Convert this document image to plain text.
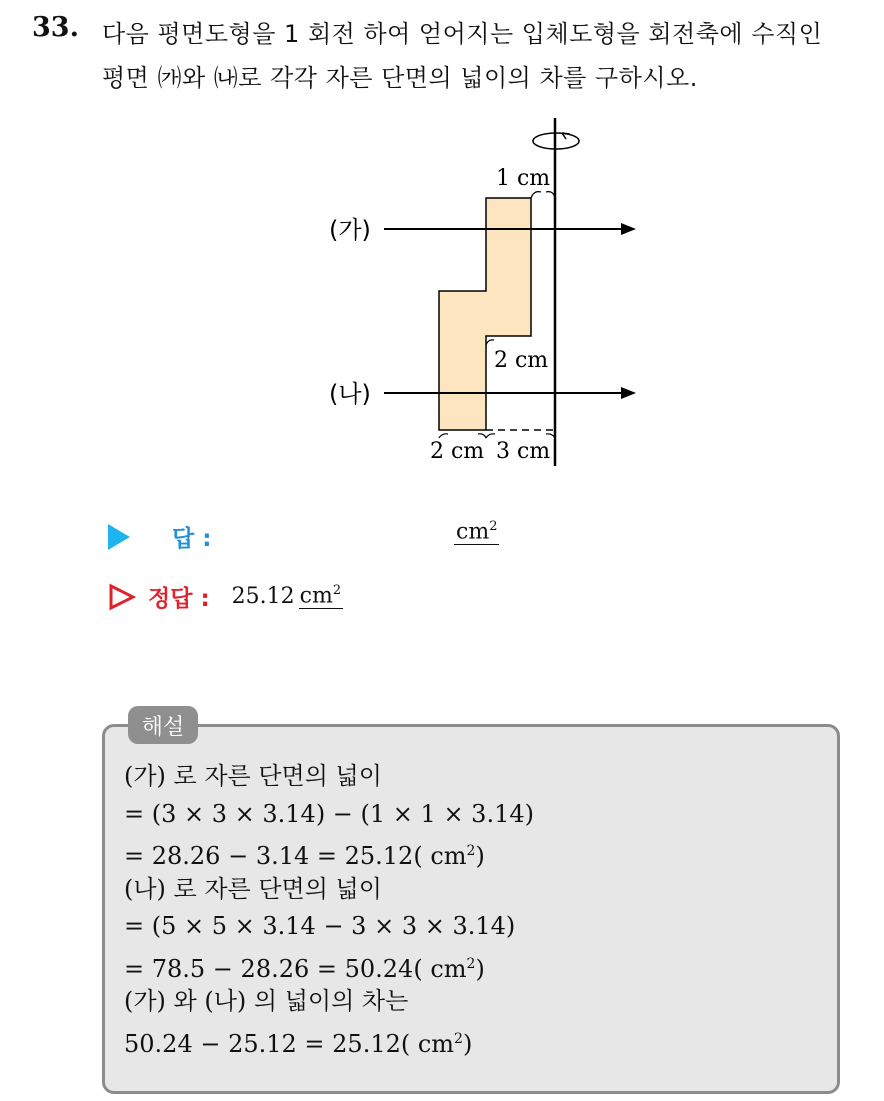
33. 다음 평면도형을 1 회전 하여 얻어지는 입체도형을 회전축에 수직인
평면 ㈎와 ㈏로 각각 자른 단면의 넓이의 차를 구하시오.
1 cm
2 cm
2 cm 3 cm
(가)
(나)
답 :	$cm^2$
정답 : 25.12 $cm^2$
해설
(가) 로 자른 단면의 넓이
= (3 × 3 × 3.14) − (1 × 1 × 3.14)
= 28.26 − 3.14 = 25.12( $cm^2$)
(나) 로 자른 단면의 넓이
= (5 × 5 × 3.14 − 3 × 3 × 3.14)
= 78.5 − 28.26 = 50.24( $cm^2$)
(가) 와 (나) 의 넓이의 차는
50.24 − 25.12 = 25.12( $cm^2$)
